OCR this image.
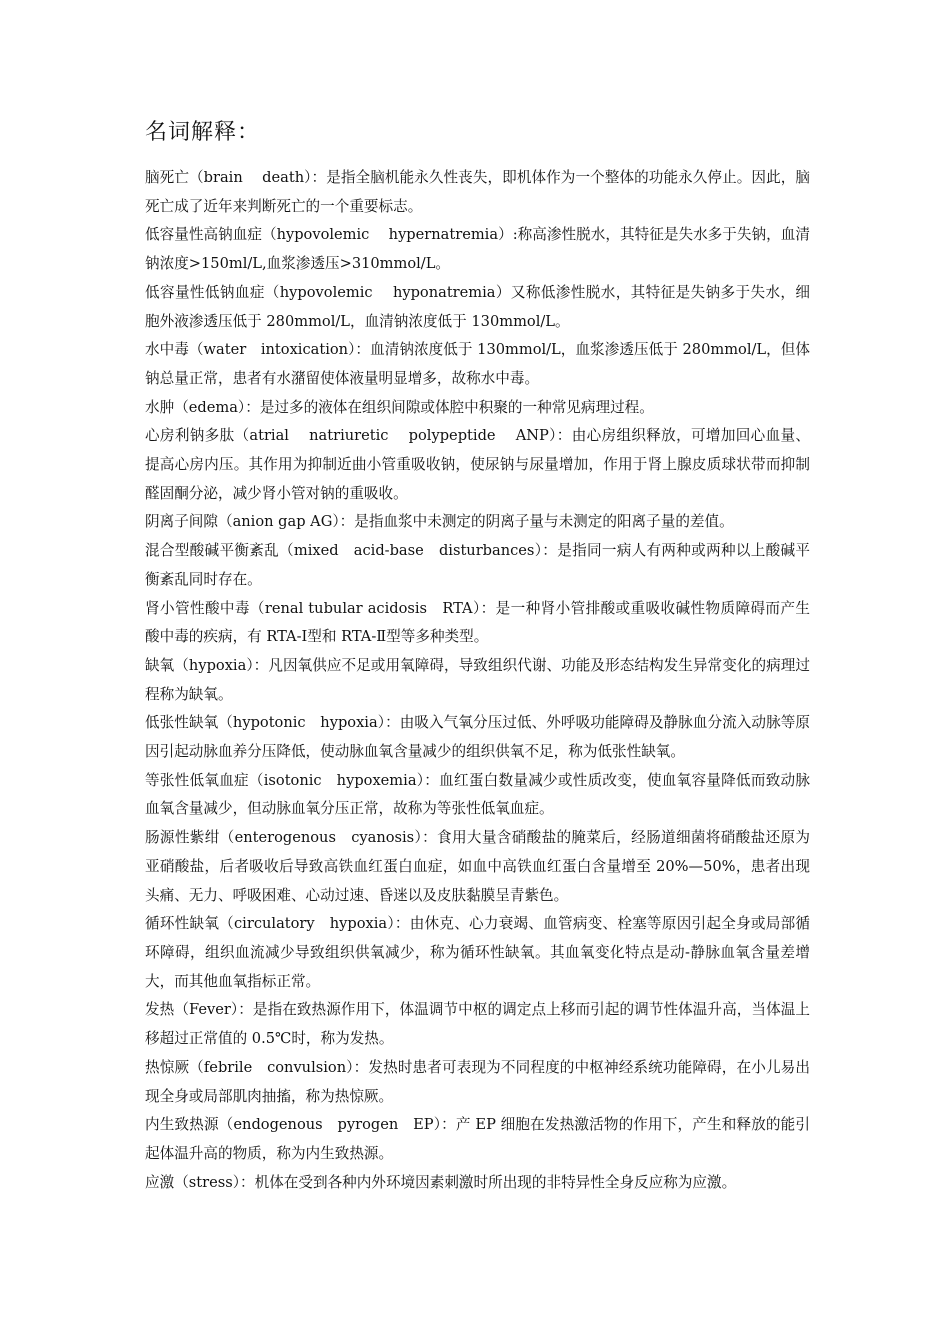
名词解释：

脑死亡（brain　 death）：是指全脑机能永久性丧失，即机体作为一个整体的功能永久停止。因此，脑死亡成了近年来判断死亡的一个重要标志。

低容量性高钠血症（hypovolemic　 hypernatremia）:称高渗性脱水，其特征是失水多于失钠，血清钠浓度>150ml/L,血浆渗透压>310mmol/L。

低容量性低钠血症（hypovolemic　 hyponatremia）又称低渗性脱水，其特征是失钠多于失水，细胞外液渗透压低于 280mmol/L，血清钠浓度低于 130mmol/L。

水中毒（water　intoxication）：血清钠浓度低于 130mmol/L，血浆渗透压低于 280mmol/L，但体钠总量正常，患者有水潴留使体液量明显增多，故称水中毒。

水肿（edema）：是过多的液体在组织间隙或体腔中积聚的一种常见病理过程。

心房利钠多肽（atrial　 natriuretic　 polypeptide　 ANP）：由心房组织释放，可增加回心血量、提高心房内压。其作用为抑制近曲小管重吸收钠，使尿钠与尿量增加，作用于肾上腺皮质球状带而抑制醛固酮分泌，减少肾小管对钠的重吸收。

阴离子间隙（anion gap AG）：是指血浆中未测定的阴离子量与未测定的阳离子量的差值。

混合型酸碱平衡紊乱（mixed　acid-base　disturbances）：是指同一病人有两种或两种以上酸碱平衡紊乱同时存在。

肾小管性酸中毒（renal tubular acidosis　RTA）：是一种肾小管排酸或重吸收碱性物质障碍而产生酸中毒的疾病，有 RTA-Ⅰ型和 RTA-Ⅱ型等多种类型。

缺氧（hypoxia）：凡因氧供应不足或用氧障碍，导致组织代谢、功能及形态结构发生异常变化的病理过程称为缺氧。

低张性缺氧（hypotonic　hypoxia）：由吸入气氧分压过低、外呼吸功能障碍及静脉血分流入动脉等原因引起动脉血养分压降低，使动脉血氧含量减少的组织供氧不足，称为低张性缺氧。

等张性低氧血症（isotonic　hypoxemia）：血红蛋白数量减少或性质改变，使血氧容量降低而致动脉血氧含量减少，但动脉血氧分压正常，故称为等张性低氧血症。

肠源性紫绀（enterogenous　cyanosis）：食用大量含硝酸盐的腌菜后，经肠道细菌将硝酸盐还原为亚硝酸盐，后者吸收后导致高铁血红蛋白血症，如血中高铁血红蛋白含量增至 20%—50%，患者出现头痛、无力、呼吸困难、心动过速、昏迷以及皮肤黏膜呈青紫色。

循环性缺氧（circulatory　hypoxia）：由休克、心力衰竭、血管病变、栓塞等原因引起全身或局部循环障碍，组织血流减少导致组织供氧减少，称为循环性缺氧。其血氧变化特点是动-静脉血氧含量差增大，而其他血氧指标正常。

发热（Fever）：是指在致热源作用下，体温调节中枢的调定点上移而引起的调节性体温升高，当体温上移超过正常值的 0.5℃时，称为发热。

热惊厥（febrile　convulsion）：发热时患者可表现为不同程度的中枢神经系统功能障碍，在小儿易出现全身或局部肌肉抽搐，称为热惊厥。

内生致热源（endogenous　pyrogen　EP）：产 EP 细胞在发热激活物的作用下，产生和释放的能引起体温升高的物质，称为内生致热源。

应激（stress）：机体在受到各种内外环境因素刺激时所出现的非特异性全身反应称为应激。
